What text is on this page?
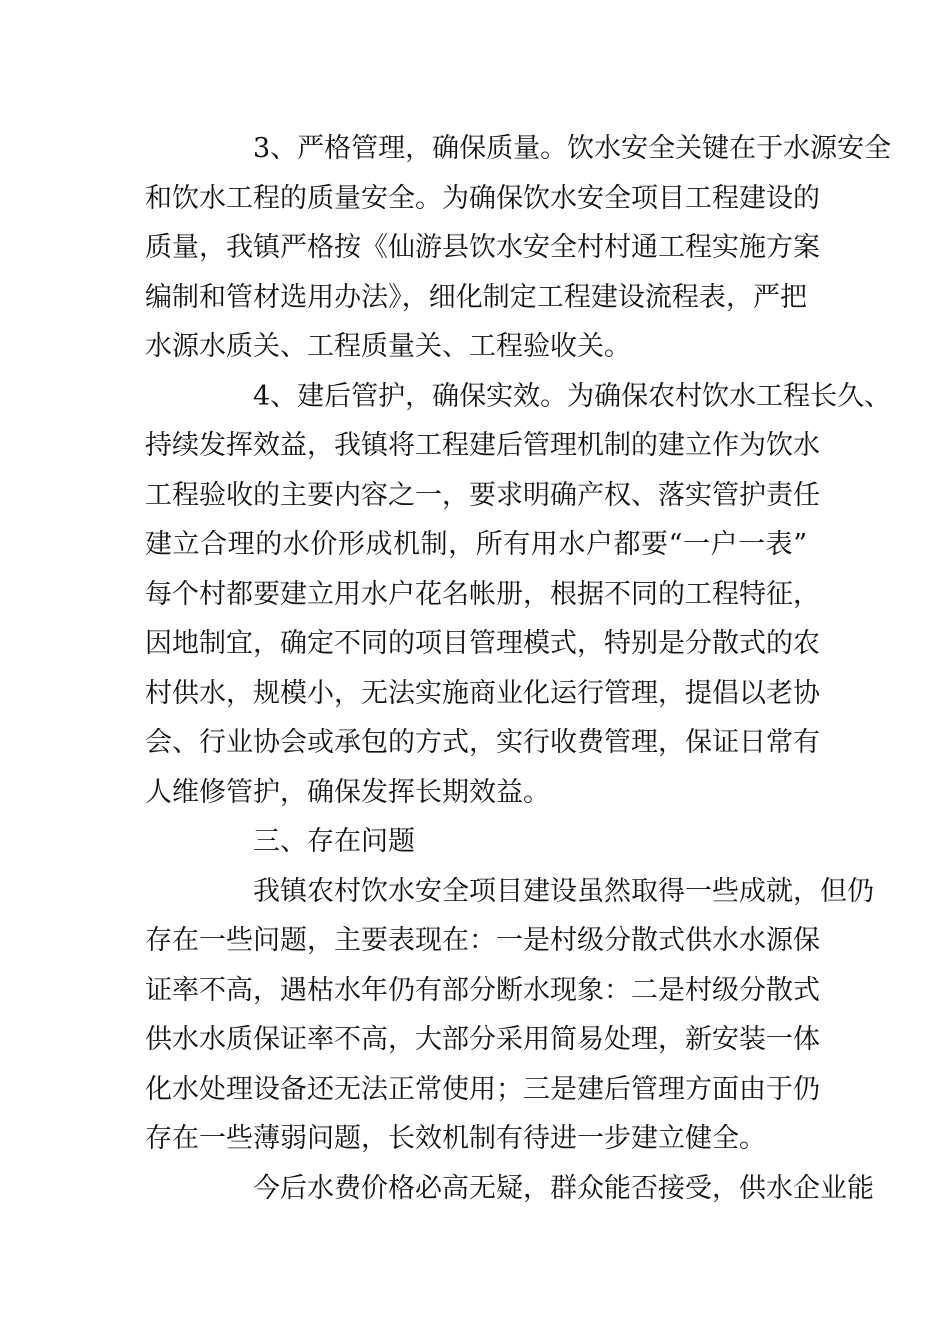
3、严格管理，确保质量。饮水安全关键在于水源安全
和饮水工程的质量安全。为确保饮水安全项目工程建设的
质量，我镇严格按《仙游县饮水安全村村通工程实施方案
编制和管材选用办法》，细化制定工程建设流程表，严把
水源水质关、工程质量关、工程验收关。
4、建后管护，确保实效。为确保农村饮水工程长久、
持续发挥效益，我镇将工程建后管理机制的建立作为饮水
工程验收的主要内容之一，要求明确产权、落实管护责任
建立合理的水价形成机制，所有用水户都要“一户一表”
每个村都要建立用水户花名帐册，根据不同的工程特征，
因地制宜，确定不同的项目管理模式，特别是分散式的农
村供水，规模小，无法实施商业化运行管理，提倡以老协
会、行业协会或承包的方式，实行收费管理，保证日常有
人维修管护，确保发挥长期效益。
三、存在问题
我镇农村饮水安全项目建设虽然取得一些成就，但仍
存在一些问题，主要表现在：一是村级分散式供水水源保
证率不高，遇枯水年仍有部分断水现象：二是村级分散式
供水水质保证率不高，大部分采用简易处理，新安装一体
化水处理设备还无法正常使用；三是建后管理方面由于仍
存在一些薄弱问题，长效机制有待进一步建立健全。
今后水费价格必高无疑，群众能否接受，供水企业能
